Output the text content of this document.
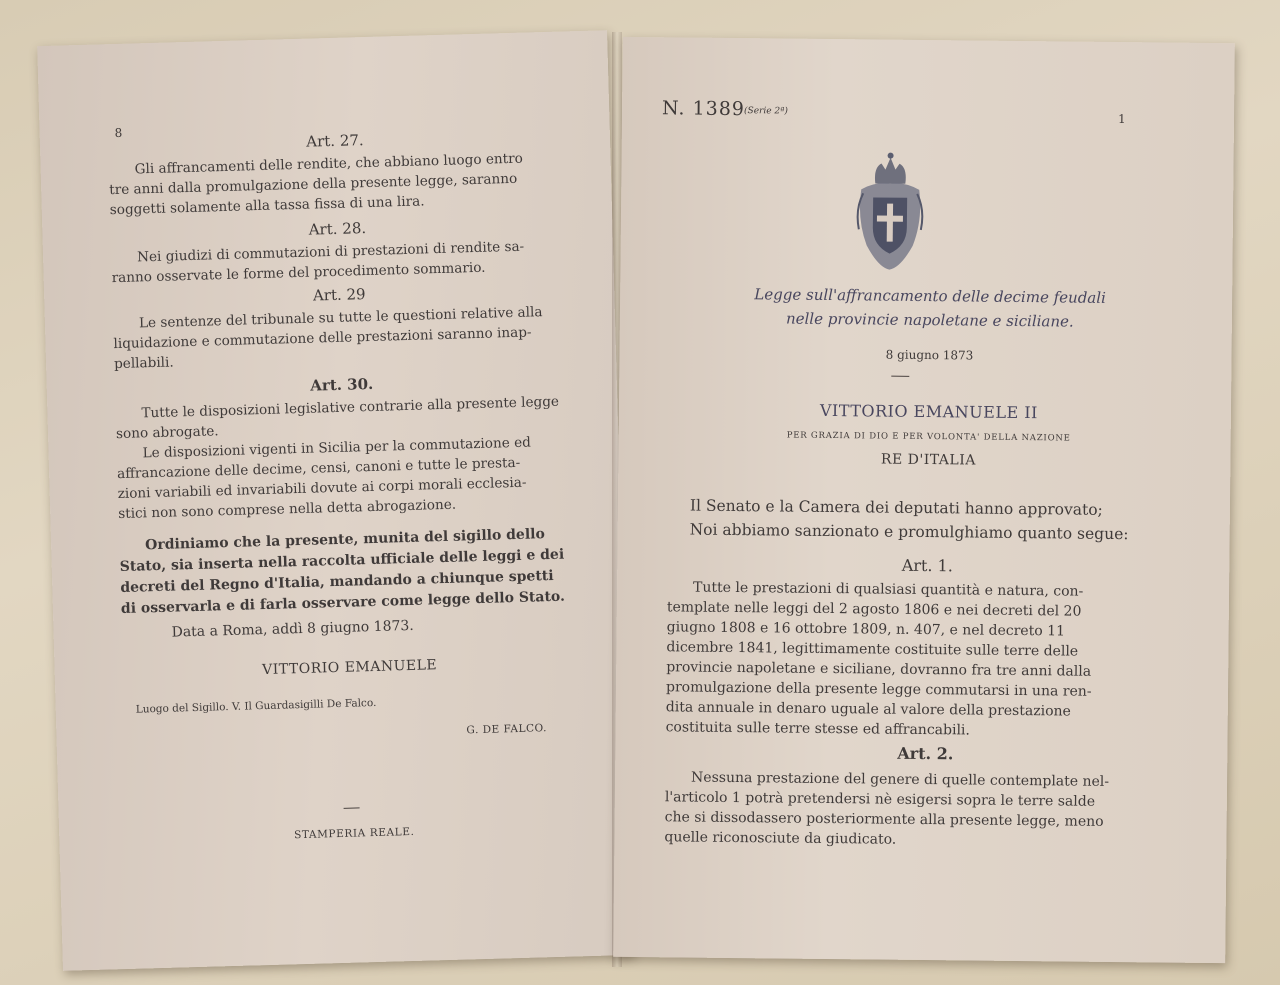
8	Art. 27.

Gli affrancamenti delle rendite, che abbiano luogo entro

tre anni dalla promulgazione della presente legge, saranno

soggetti solamente alla tassa fissa di una lira.

Art. 28.

Nei giudizi di commutazioni di prestazioni di rendite sa-

ranno osservate le forme del procedimento sommario.

Art. 29

Le sentenze del tribunale su tutte le questioni relative alla

liquidazione e commutazione delle prestazioni saranno inap-

pellabili.

Art. 30.

Tutte le disposizioni legislative contrarie alla presente legge

sono abrogate.

Le disposizioni vigenti in Sicilia per la commutazione ed

affrancazione delle decime, censi, canoni e tutte le presta-

zioni variabili ed invariabili dovute ai corpi morali ecclesia-

stici non sono comprese nella detta abrogazione.

Ordiniamo che la presente, munita del sigillo dello

Stato, sia inserta nella raccolta ufficiale delle leggi e dei

decreti del Regno d'Italia, mandando a chiunque spetti

di osservarla e di farla osservare come legge dello Stato.

Data a Roma, addì 8 giugno 1873.
VITTORIO EMANUELE
Luogo del Sigillo. V. Il Guardasigilli De Falco.
G. DE FALCO.
STAMPERIA REALE.
N. 1389
(Serie 2ª)
1
Legge sull'affrancamento delle decime feudali
nelle provincie napoletane e siciliane.
8 giugno 1873
VITTORIO EMANUELE II
PER GRAZIA DI DIO E PER VOLONTA' DELLA NAZIONE
RE D'ITALIA
Il Senato e la Camera dei deputati hanno approvato;
Noi abbiamo sanzionato e promulghiamo quanto segue:
Art. 1.

Tutte le prestazioni di qualsiasi quantità e natura, con-

template nelle leggi del 2 agosto 1806 e nei decreti del 20

giugno 1808 e 16 ottobre 1809, n. 407, e nel decreto 11

dicembre 1841, legittimamente costituite sulle terre delle

provincie napoletane e siciliane, dovranno fra tre anni dalla

promulgazione della presente legge commutarsi in una ren-

dita annuale in denaro uguale al valore della prestazione

costituita sulle terre stesse ed affrancabili.

Art. 2.

Nessuna prestazione del genere di quelle contemplate nel-

l'articolo 1 potrà pretendersi nè esigersi sopra le terre salde

che si dissodassero posteriormente alla presente legge, meno

quelle riconosciute da giudicato.
